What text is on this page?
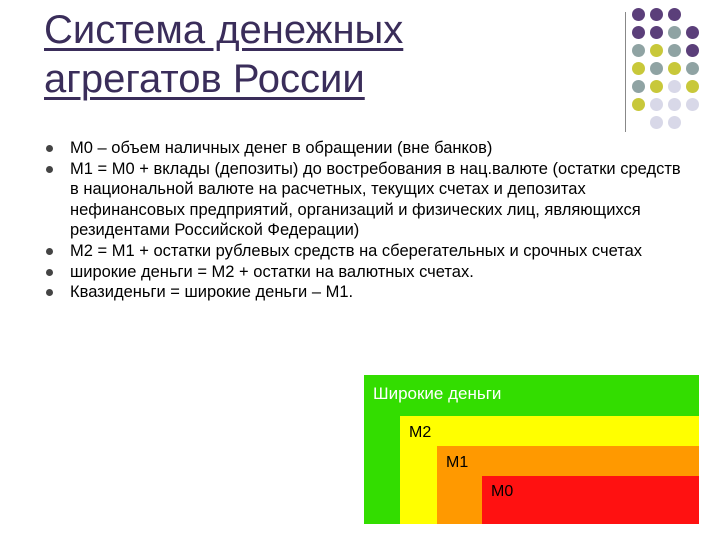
Система денежных
агрегатов России
М0 – объем наличных денег в обращении (вне банков)
М1 = М0 + вклады (депозиты) до востребования в нац.валюте (остатки средств в национальной валюте на расчетных, текущих счетах и депозитах нефинансовых предприятий, организаций и физических лиц, являющихся резидентами Российской Федерации)
М2 = М1 + остатки рублевых средств на сберегательных и срочных счетах
широкие деньги = М2 + остатки на валютных счетах.
Квазиденьги = широкие деньги – М1.
Широкие деньги
М2
М1
М0
